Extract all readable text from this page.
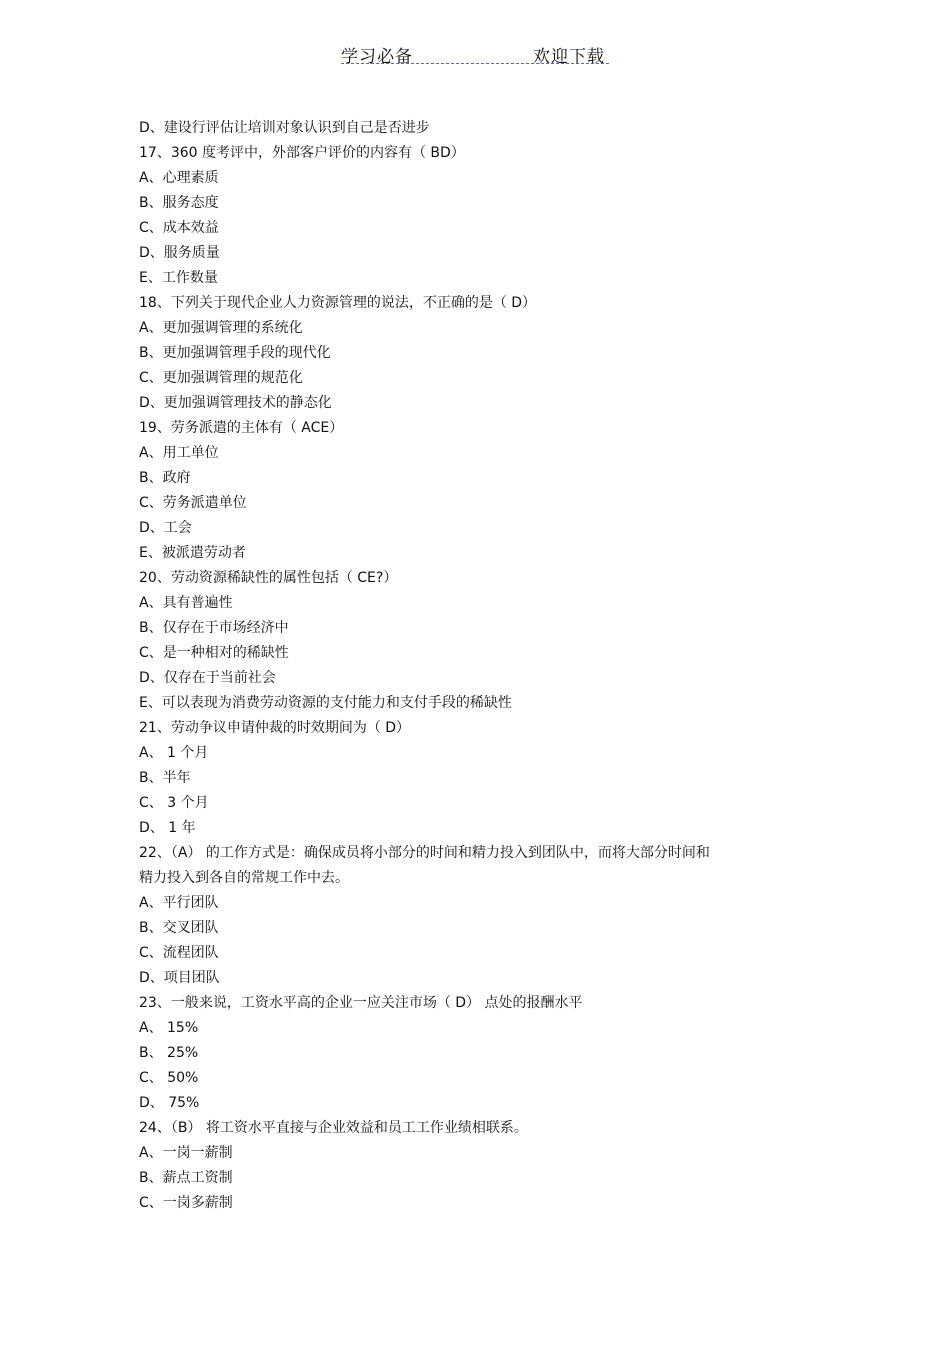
学习必备	欢迎下载
D、建设行评估让培训对象认识到自己是否进步
17、360 度考评中，外部客户评价的内容有（ BD）
A、心理素质
B、服务态度
C、成本效益
D、服务质量
E、工作数量
18、下列关于现代企业人力资源管理的说法，不正确的是（ D）
A、更加强调管理的系统化
B、更加强调管理手段的现代化
C、更加强调管理的规范化
D、更加强调管理技术的静态化
19、劳务派遣的主体有（ ACE）
A、用工单位
B、政府
C、劳务派遣单位
D、工会
E、被派遣劳动者
20、劳动资源稀缺性的属性包括（ CE?）
A、具有普遍性
B、仅存在于市场经济中
C、是一种相对的稀缺性
D、仅存在于当前社会
E、可以表现为消费劳动资源的支付能力和支付手段的稀缺性
21、劳动争议申请仲裁的时效期间为（ D）
A、 1 个月
B、半年
C、 3 个月
D、 1 年
22、（A） 的工作方式是：确保成员将小部分的时间和精力投入到团队中，而将大部分时间和
精力投入到各自的常规工作中去。
A、平行团队
B、交叉团队
C、流程团队
D、项目团队
23、一般来说，工资水平高的企业一应关注市场（ D） 点处的报酬水平
A、 15%
B、 25%
C、 50%
D、 75%
24、（B） 将工资水平直接与企业效益和员工工作业绩相联系。
A、一岗一薪制
B、薪点工资制
C、一岗多薪制
